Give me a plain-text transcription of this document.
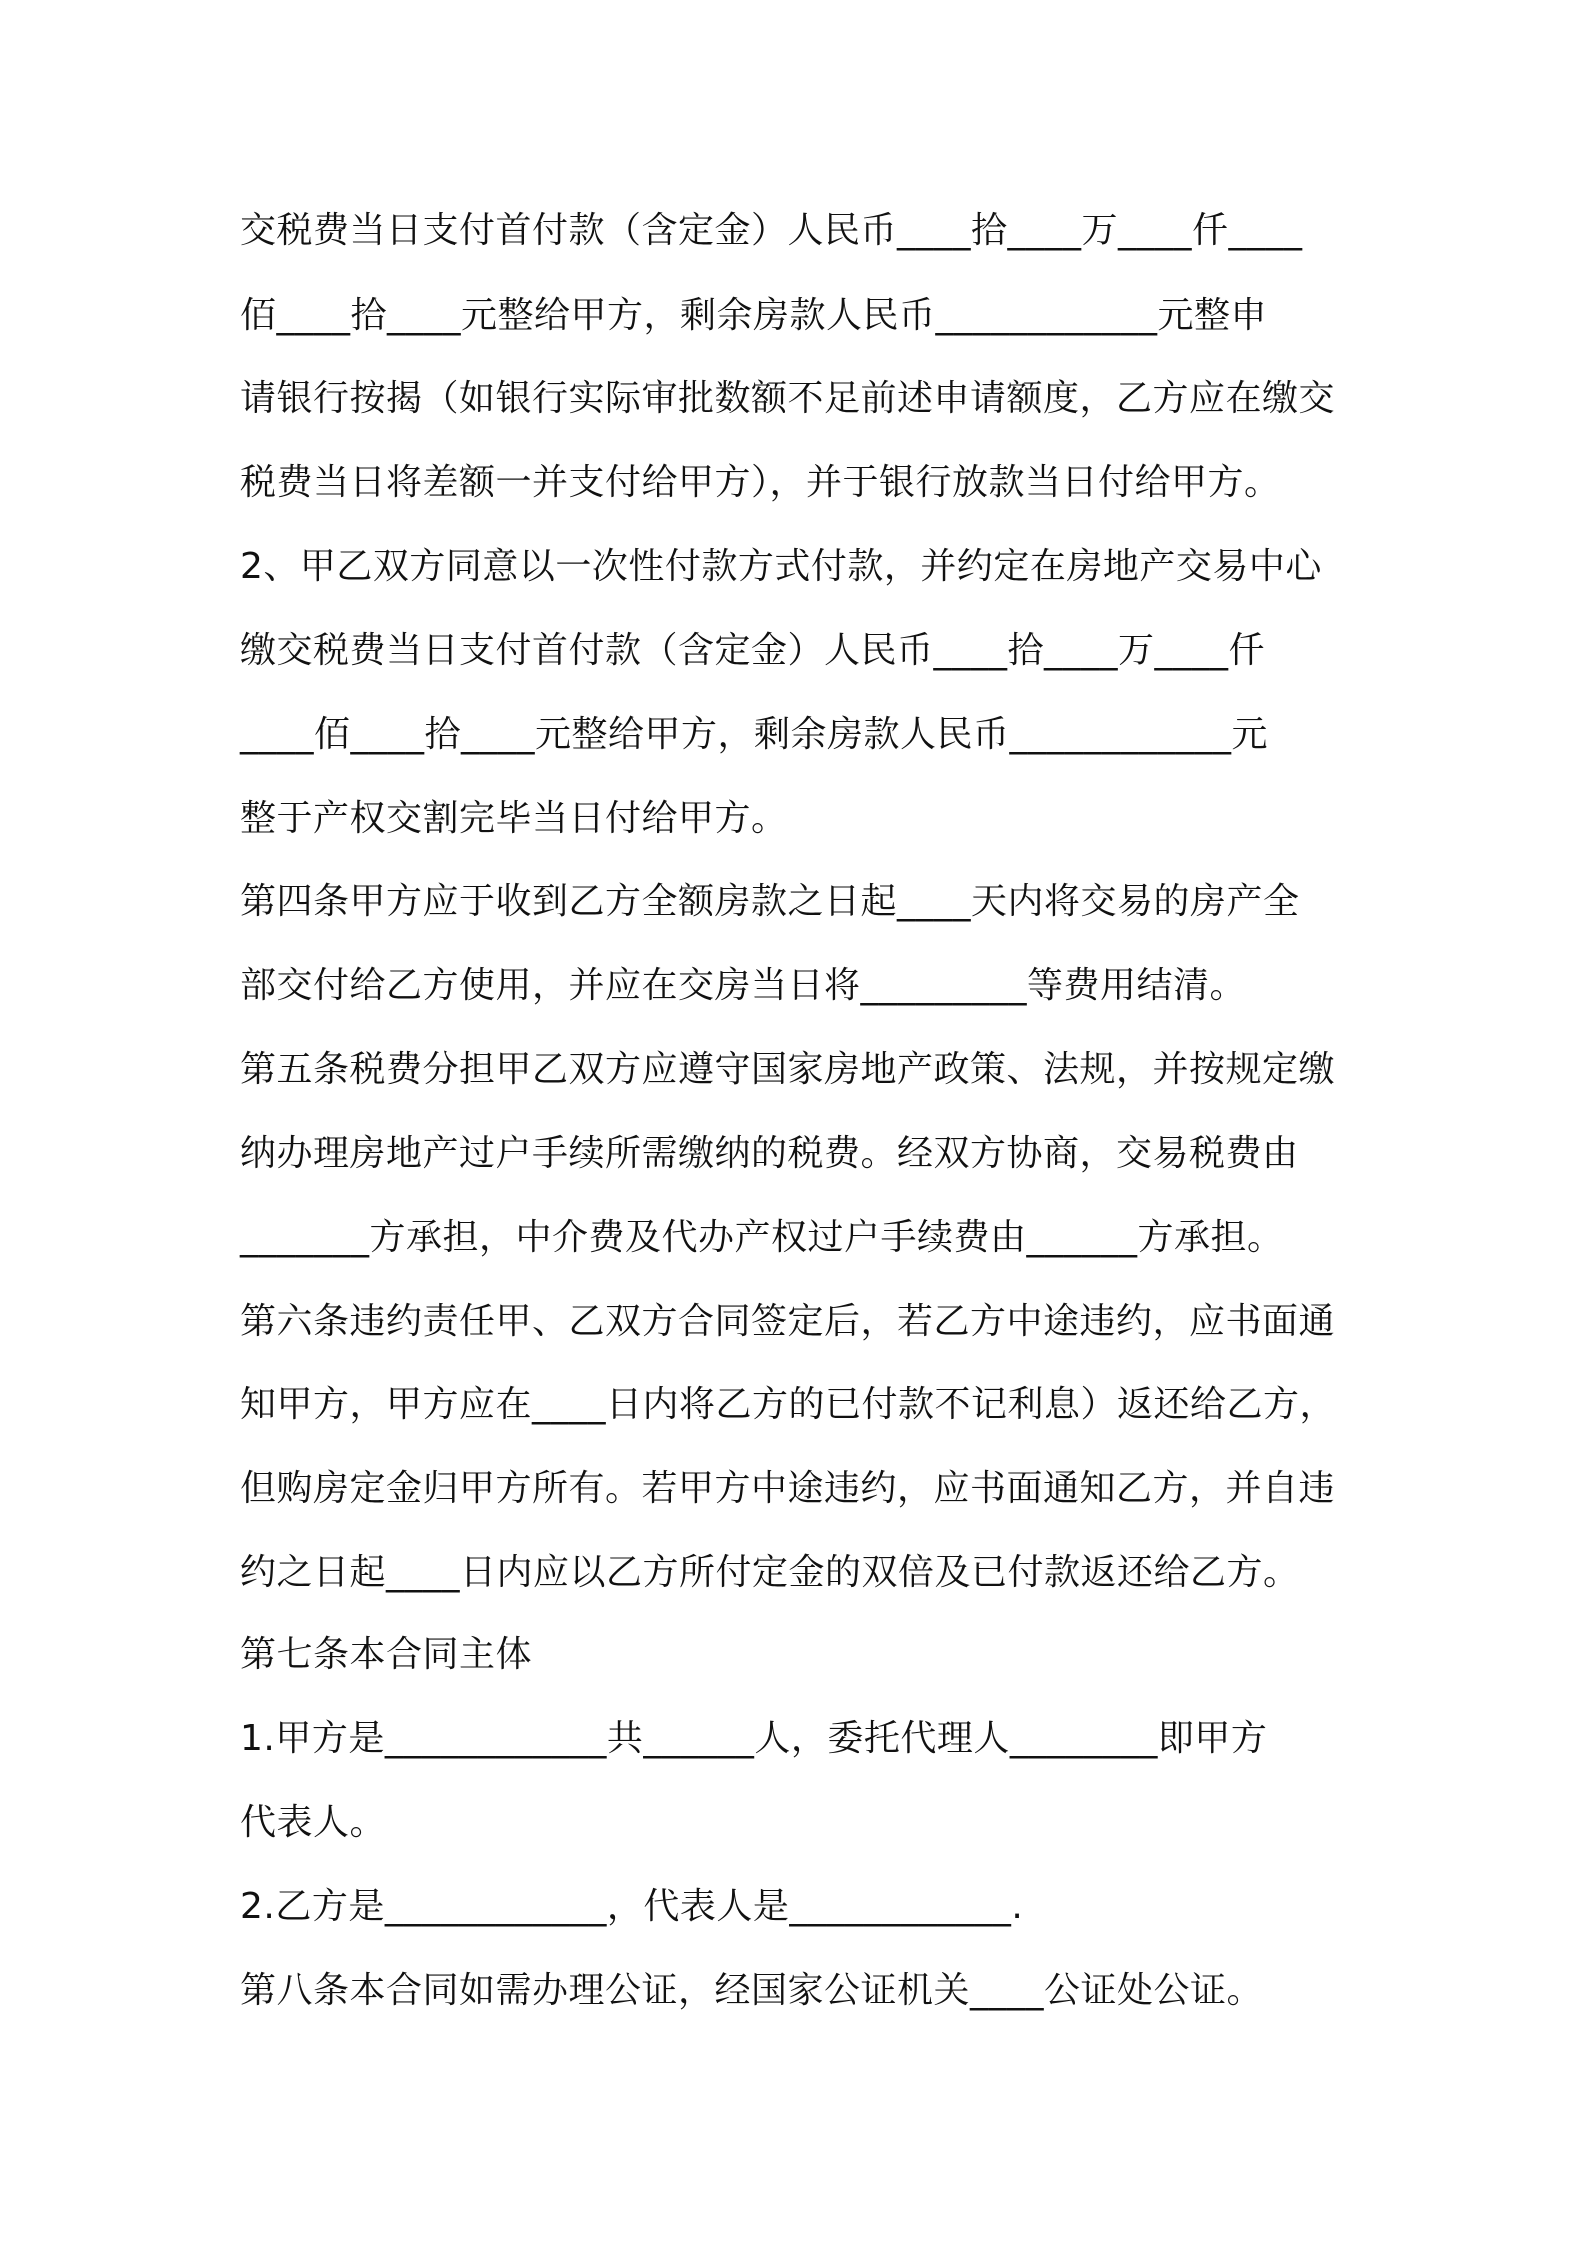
交税费当日支付首付款（含定金）人民币____拾____万____仟____
佰____拾____元整给甲方，剩余房款人民币____________元整申
请银行按揭（如银行实际审批数额不足前述申请额度，乙方应在缴交
税费当日将差额一并支付给甲方），并于银行放款当日付给甲方。
2、甲乙双方同意以一次性付款方式付款，并约定在房地产交易中心
缴交税费当日支付首付款（含定金）人民币____拾____万____仟
____佰____拾____元整给甲方，剩余房款人民币____________元
整于产权交割完毕当日付给甲方。
第四条甲方应于收到乙方全额房款之日起____天内将交易的房产全
部交付给乙方使用，并应在交房当日将_________等费用结清。
第五条税费分担甲乙双方应遵守国家房地产政策、法规，并按规定缴
纳办理房地产过户手续所需缴纳的税费。经双方协商，交易税费由
_______方承担，中介费及代办产权过户手续费由______方承担。
第六条违约责任甲、乙双方合同签定后，若乙方中途违约，应书面通
知甲方，甲方应在____日内将乙方的已付款不记利息）返还给乙方，
但购房定金归甲方所有。若甲方中途违约，应书面通知乙方，并自违
约之日起____日内应以乙方所付定金的双倍及已付款返还给乙方。
第七条本合同主体
1.甲方是____________共______人，委托代理人________即甲方
代表人。
2.乙方是____________，代表人是____________.
第八条本合同如需办理公证，经国家公证机关____公证处公证。
